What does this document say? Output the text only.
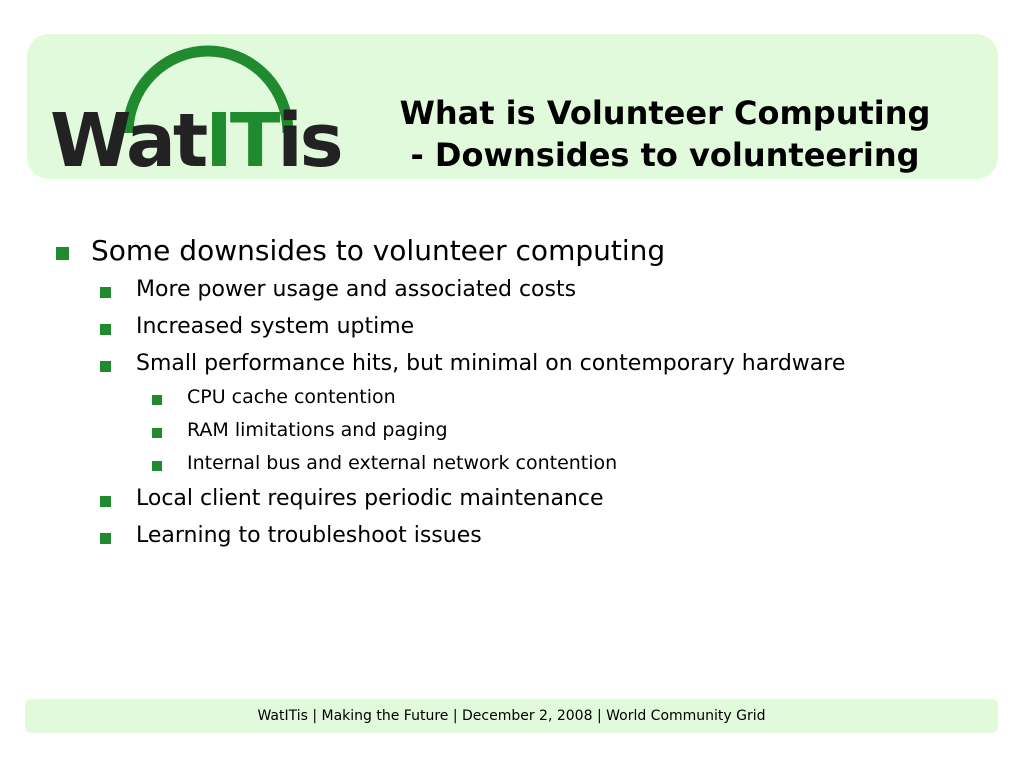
WatITis	What is Volunteer Computing
- Downsides to volunteering
Some downsides to volunteer computing
More power usage and associated costs
Increased system uptime
Small performance hits, but minimal on contemporary hardware
CPU cache contention
RAM limitations and paging
Internal bus and external network contention
Local client requires periodic maintenance
Learning to troubleshoot issues
WatITis | Making the Future | December 2, 2008 | World Community Grid
